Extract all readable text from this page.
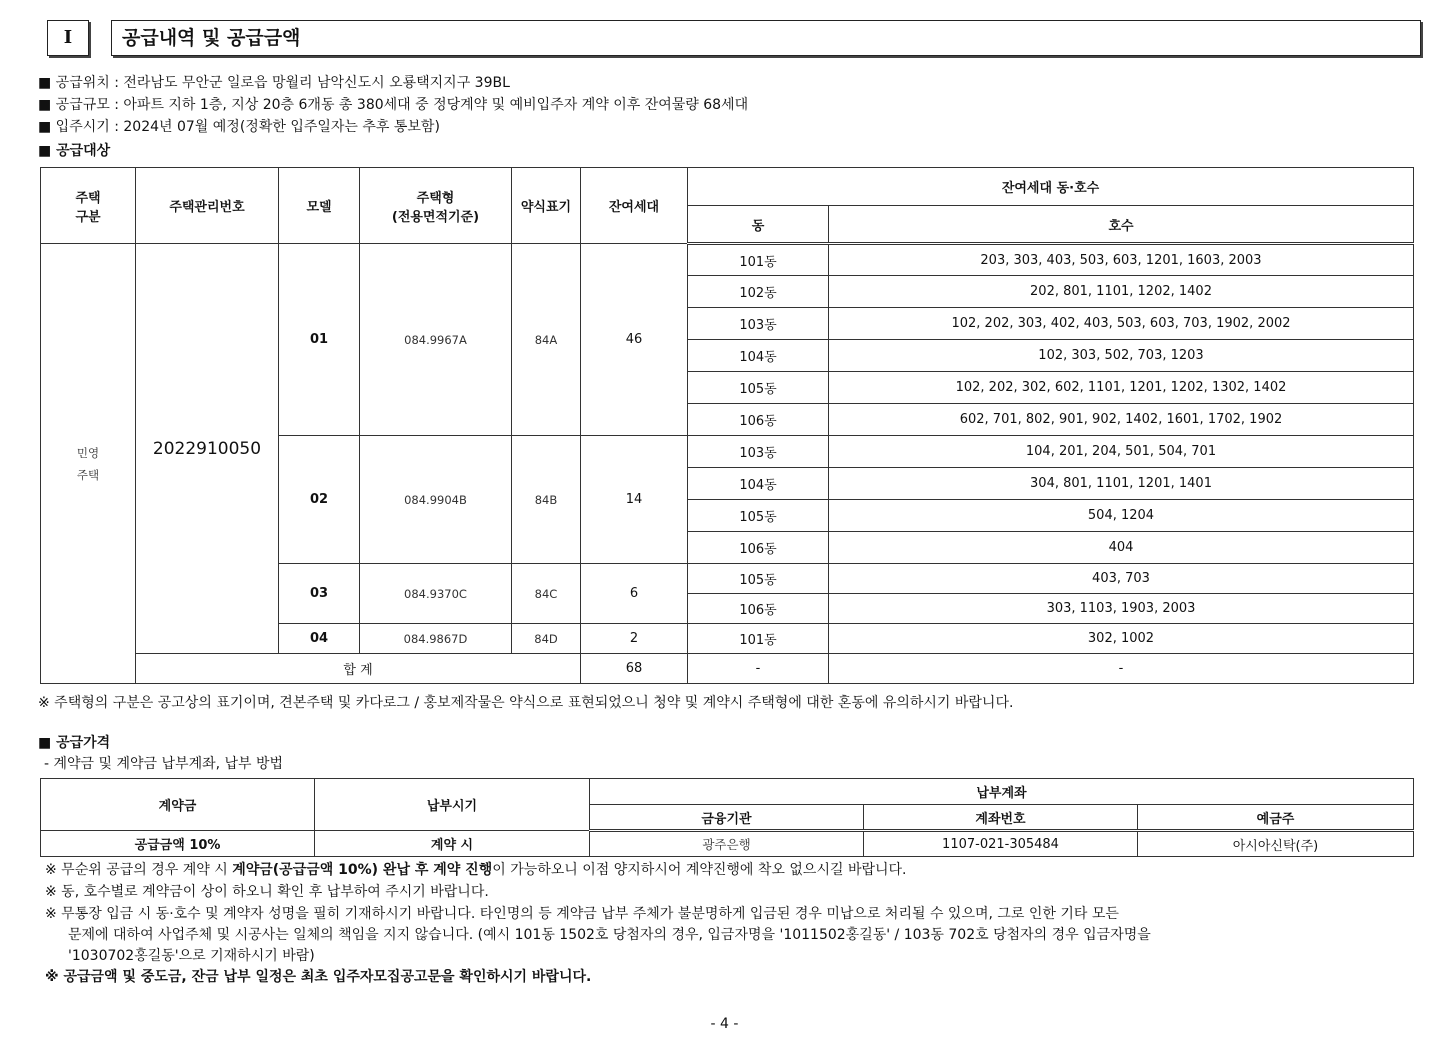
I	공급내역 및 공급금액
■ 공급위치 : 전라남도 무안군 일로읍 망월리 남악신도시 오룡택지지구 39BL
■ 공급규모 : 아파트 지하 1층, 지상 20층 6개동 총 380세대 중 정당계약 및 예비입주자 계약 이후 잔여물량 68세대
■ 입주시기 : 2024년 07월 예정(정확한 입주일자는 추후 통보함)
■ 공급대상
주택
구분	주택관리번호	모델	주택형
(전용면적기준)	약식표기	잔여세대	잔여세대 동·호수	
						동	호수
민영
주택	2022910050	01	084.9967A	84A	46	101동	203, 303, 403, 503, 603, 1201, 1603, 2003
						102동	202, 801, 1101, 1202, 1402
						103동	102, 202, 303, 402, 403, 503, 603, 703, 1902, 2002
						104동	102, 303, 502, 703, 1203
						105동	102, 202, 302, 602, 1101, 1201, 1202, 1302, 1402
						106동	602, 701, 802, 901, 902, 1402, 1601, 1702, 1902
		02	084.9904B	84B	14	103동	104, 201, 204, 501, 504, 701
						104동	304, 801, 1101, 1201, 1401
						105동	504, 1204
						106동	404
		03	084.9370C	84C	6	105동	403, 703
						106동	303, 1103, 1903, 2003
		04	084.9867D	84D	2	101동	302, 1002
	합 계				68	-	-
※ 주택형의 구분은 공고상의 표기이며, 견본주택 및 카다로그 / 홍보제작물은 약식으로 표현되었으니 청약 및 계약시 주택형에 대한 혼동에 유의하시기 바랍니다.
■ 공급가격
- 계약금 및 계약금 납부계좌, 납부 방법
계약금	납부시기	납부계좌		
		금융기관	계좌번호	예금주
공급금액 10%	계약 시	광주은행	1107-021-305484	아시아신탁(주)
※ 무순위 공급의 경우 계약 시 계약금(공급금액 10%) 완납 후 계약 진행이 가능하오니 이점 양지하시어 계약진행에 착오 없으시길 바랍니다.
※ 동, 호수별로 계약금이 상이 하오니 확인 후 납부하여 주시기 바랍니다.
※ 무통장 입금 시 동·호수 및 계약자 성명을 필히 기재하시기 바랍니다. 타인명의 등 계약금 납부 주체가 불분명하게 입금된 경우 미납으로 처리될 수 있으며, 그로 인한 기타 모든
문제에 대하여 사업주체 및 시공사는 일체의 책임을 지지 않습니다. (예시 101동 1502호 당첨자의 경우, 입금자명을 '1011502홍길동' / 103동 702호 당첨자의 경우 입금자명을
'1030702홍길동'으로 기재하시기 바람)
※ 공급금액 및 중도금, 잔금 납부 일정은 최초 입주자모집공고문을 확인하시기 바랍니다.
- 4 -
